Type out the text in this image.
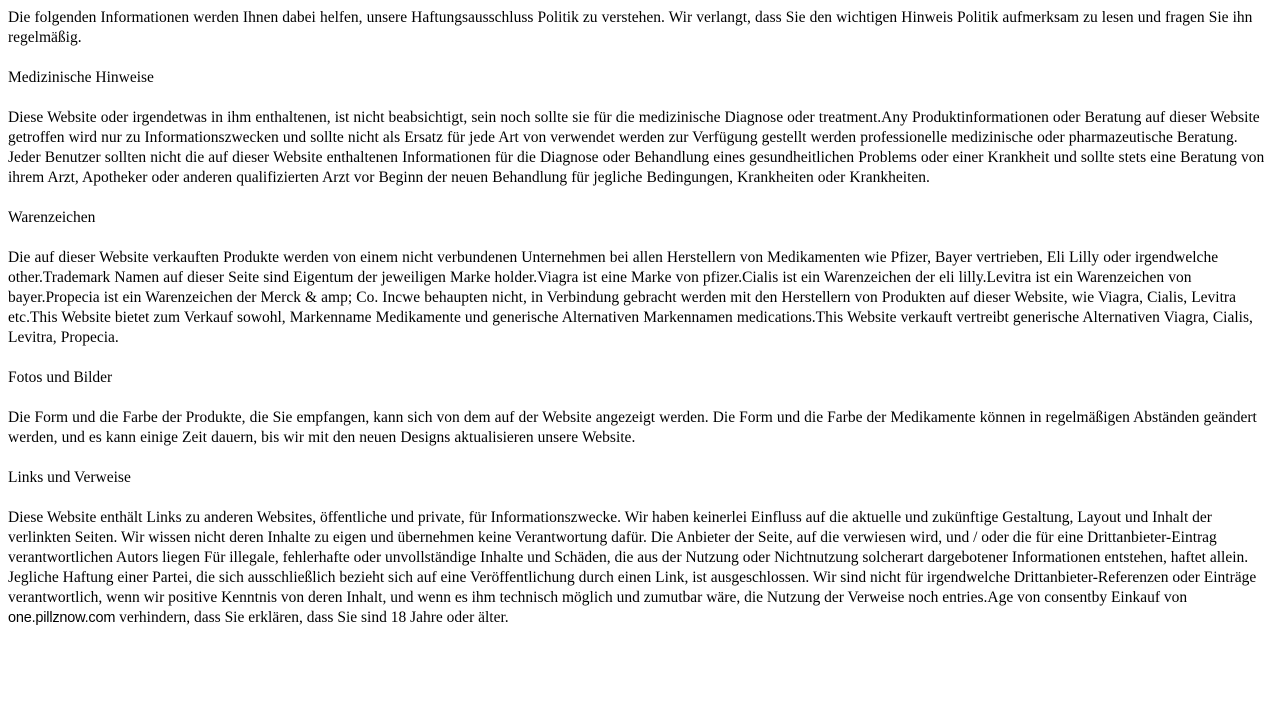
Die folgenden Informationen werden Ihnen dabei helfen, unsere Haftungsausschluss Politik zu verstehen. Wir verlangt, dass Sie den wichtigen Hinweis Politik aufmerksam zu lesen und fragen Sie ihn regelmäßig.

Medizinische Hinweise

Diese Website oder irgendetwas in ihm enthaltenen, ist nicht beabsichtigt, sein noch sollte sie für die medizinische Diagnose oder treatment.Any Produktinformationen oder Beratung auf dieser Website getroffen wird nur zu Informationszwecken und sollte nicht als Ersatz für jede Art von verwendet werden zur Verfügung gestellt werden professionelle medizinische oder pharmazeutische Beratung. Jeder Benutzer sollten nicht die auf dieser Website enthaltenen Informationen für die Diagnose oder Behandlung eines gesundheitlichen Problems oder einer Krankheit und sollte stets eine Beratung von ihrem Arzt, Apotheker oder anderen qualifizierten Arzt vor Beginn der neuen Behandlung für jegliche Bedingungen, Krankheiten oder Krankheiten.

Warenzeichen

Die auf dieser Website verkauften Produkte werden von einem nicht verbundenen Unternehmen bei allen Herstellern von Medikamenten wie Pfizer, Bayer vertrieben, Eli Lilly oder irgendwelche other.Trademark Namen auf dieser Seite sind Eigentum der jeweiligen Marke holder.Viagra ist eine Marke von pfizer.Cialis ist ein Warenzeichen der eli lilly.Levitra ist ein Warenzeichen von bayer.Propecia ist ein Warenzeichen der Merck & amp; Co. Incwe behaupten nicht, in Verbindung gebracht werden mit den Herstellern von Produkten auf dieser Website, wie Viagra, Cialis, Levitra etc.This Website bietet zum Verkauf sowohl, Markenname Medikamente und generische Alternativen Markennamen medications.This Website verkauft vertreibt generische Alternativen Viagra, Cialis, Levitra, Propecia.

Fotos und Bilder

Die Form und die Farbe der Produkte, die Sie empfangen, kann sich von dem auf der Website angezeigt werden. Die Form und die Farbe der Medikamente können in regelmäßigen Abständen geändert werden, und es kann einige Zeit dauern, bis wir mit den neuen Designs aktualisieren unsere Website.

Links und Verweise

Diese Website enthält Links zu anderen Websites, öffentliche und private, für Informationszwecke. Wir haben keinerlei Einfluss auf die aktuelle und zukünftige Gestaltung, Layout und Inhalt der verlinkten Seiten. Wir wissen nicht deren Inhalte zu eigen und übernehmen keine Verantwortung dafür. Die Anbieter der Seite, auf die verwiesen wird, und / oder die für eine Drittanbieter-Eintrag verantwortlichen Autors liegen Für illegale, fehlerhafte oder unvollständige Inhalte und Schäden, die aus der Nutzung oder Nichtnutzung solcherart dargebotener Informationen entstehen, haftet allein. Jegliche Haftung einer Partei, die sich ausschließlich bezieht sich auf eine Veröffentlichung durch einen Link, ist ausgeschlossen. Wir sind nicht für irgendwelche Drittanbieter-Referenzen oder Einträge verantwortlich, wenn wir positive Kenntnis von deren Inhalt, und wenn es ihm technisch möglich und zumutbar wäre, die Nutzung der Verweise noch entries.Age von consentby Einkauf vonone.pillznow.com verhindern, dass Sie erklären, dass Sie sind 18 Jahre oder älter.
